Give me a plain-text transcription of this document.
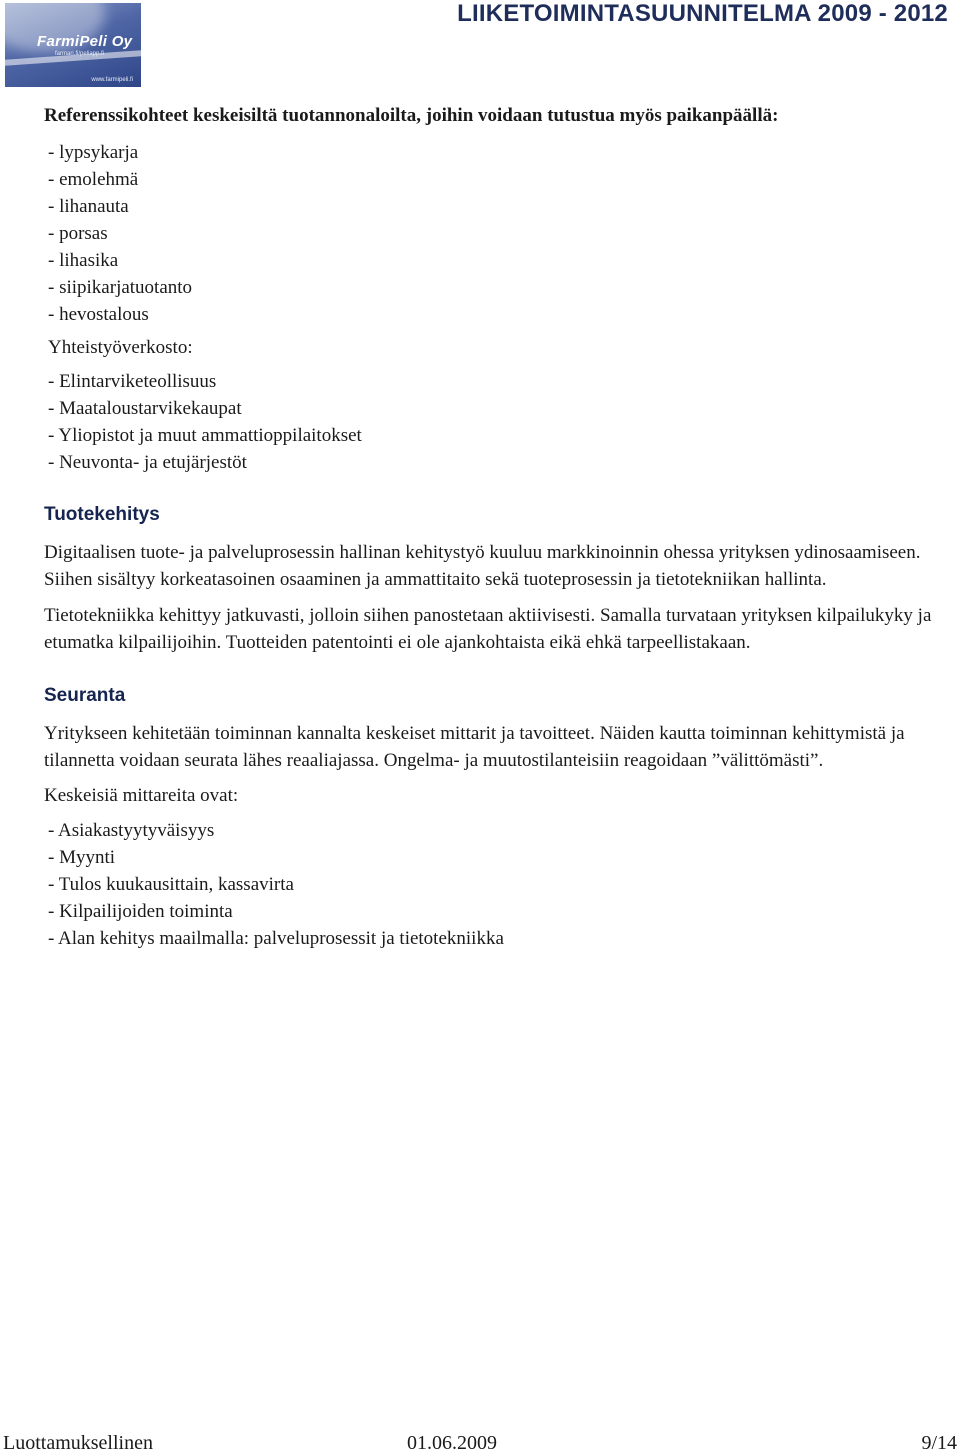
FarmiPeli Oy
farmari.fi/peliapp.fi
www.farmipeli.fi
LIIKETOIMINTASUUNNITELMA 2009 - 2012
Referenssikohteet keskeisiltä tuotannonaloilta, joihin voidaan tutustua myös paikanpäällä:
- lypsykarja
- emolehmä
- lihanauta
- porsas
- lihasika
- siipikarjatuotanto
- hevostalous
Yhteistyöverkosto:
- Elintarviketeollisuus
- Maataloustarvikekaupat
- Yliopistot ja muut ammattioppilaitokset
- Neuvonta- ja etujärjestöt
Tuotekehitys

Digitaalisen tuote- ja palveluprosessin hallinan kehitystyö kuuluu markkinoinnin ohessa yrityksen ydinosaamiseen. Siihen sisältyy korkeatasoinen osaaminen ja ammattitaito sekä tuoteprosessin ja tietotekniikan hallinta.

Tietotekniikka kehittyy jatkuvasti, jolloin siihen panostetaan aktiivisesti. Samalla turvataan yrityksen kilpailukyky ja etumatka kilpailijoihin. Tuotteiden patentointi ei ole ajankohtaista eikä ehkä tarpeellistakaan.

Seuranta

Yritykseen kehitetään toiminnan kannalta keskeiset mittarit ja tavoitteet. Näiden kautta toiminnan kehittymistä ja tilannetta voidaan seurata lähes reaaliajassa. Ongelma- ja muutostilanteisiin reagoidaan ”välittömästi”.

Keskeisiä mittareita ovat:

- Asiakastyytyväisyys
- Myynti
- Tulos kuukausittain, kassavirta
- Kilpailijoiden toiminta
- Alan kehitys maailmalla: palveluprosessit ja tietotekniikka
Luottamuksellinen	01.06.2009	9/14
